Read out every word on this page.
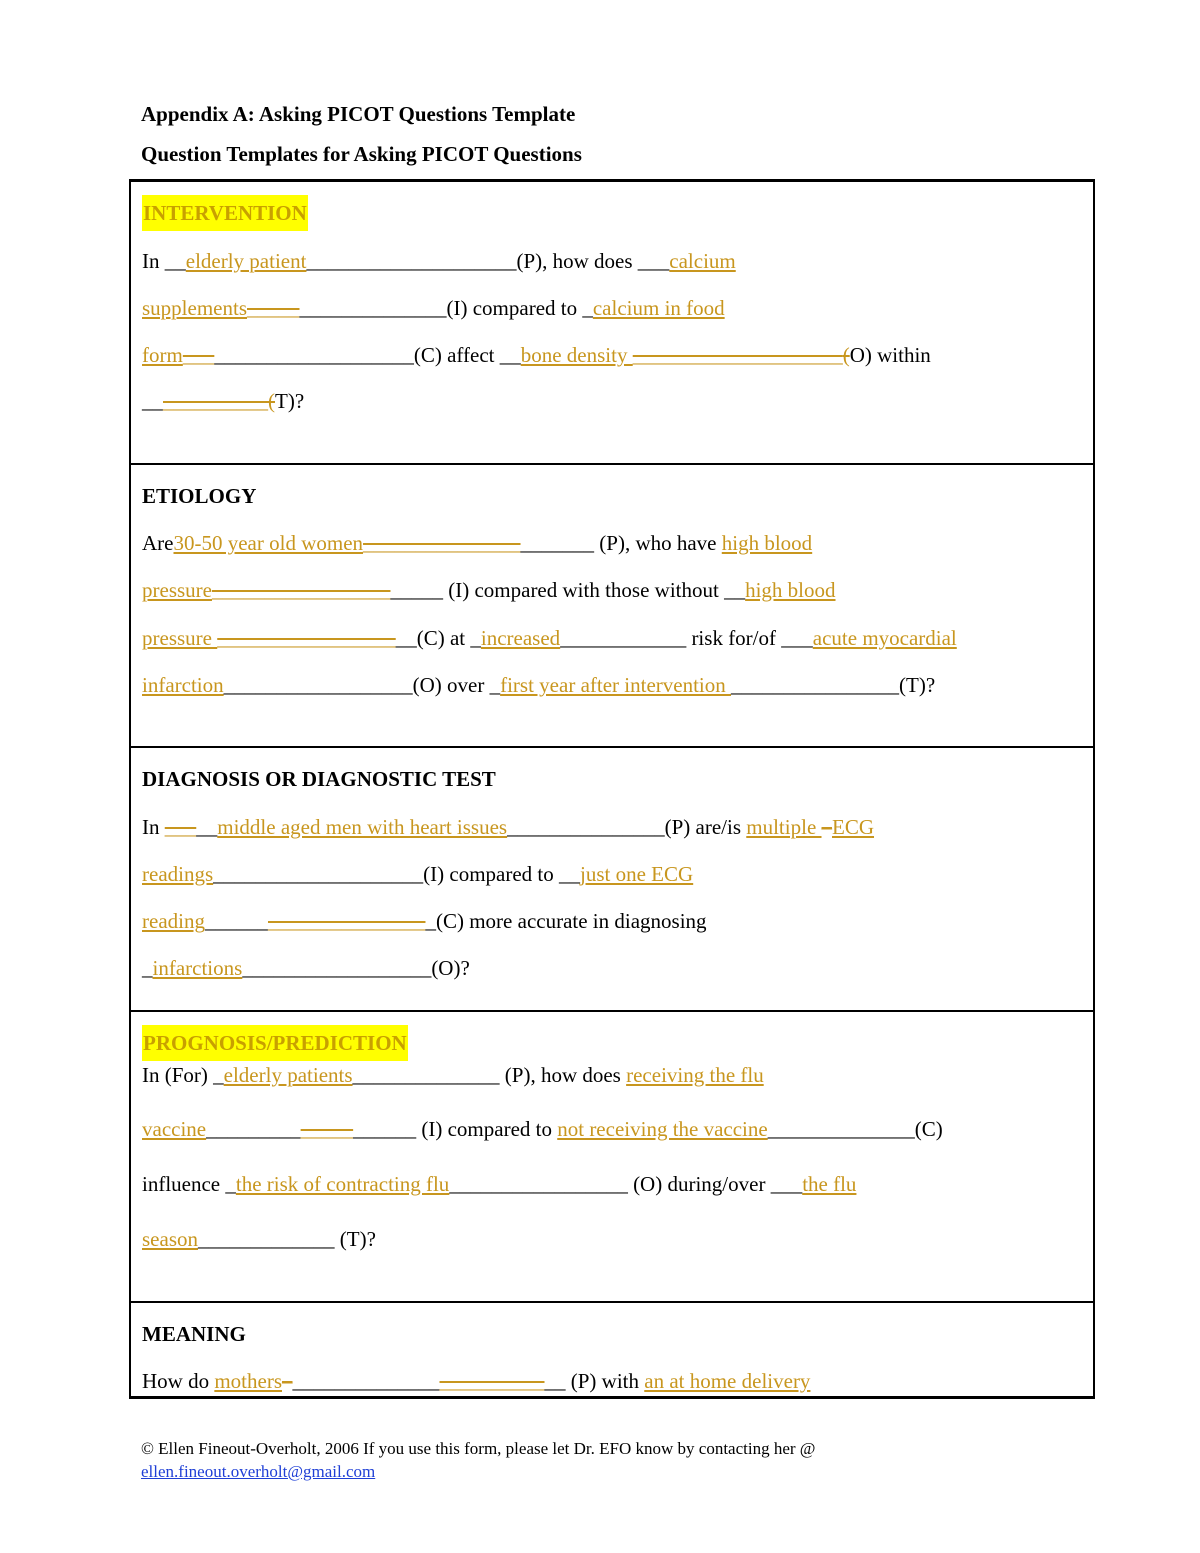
Appendix A: Asking PICOT Questions Template
Question Templates for Asking PICOT Questions
INTERVENTION
In __elderly patient____________________(P), how does ___calcium
supplements___________________(I) compared to _calcium in food
form______________________(C) affect __bone density ____________________(O) within
____________(T)?
ETIOLOGY
Are30-50 year old women______________________ (P), who have high blood
pressure______________________ (I) compared with those without __high blood
pressure ___________________(C) at _increased____________ risk for/of ___acute myocardial
infarction__________________(O) over _first year after intervention ________________(T)?
DIAGNOSIS OR DIAGNOSTIC TEST
In _____middle aged men with heart issues_______________(P) are/is multiple –ECG
readings____________________(I) compared to __just one ECG
reading______________________(C) more accurate in diagnosing
_infarctions__________________(O)?
PROGNOSIS/PREDICTION
In (For) _elderly patients______________ (P), how does receiving the flu
vaccine____________________ (I) compared to not receiving the vaccine______________(C)
influence _the risk of contracting flu_________________ (O) during/over ___the flu
season_____________ (T)?
MEANING
How do mothers–__________________________ (P) with an at home delivery
© Ellen Fineout-Overholt, 2006 If you use this form, please let Dr. EFO know by contacting her @
ellen.fineout.overholt@gmail.com
